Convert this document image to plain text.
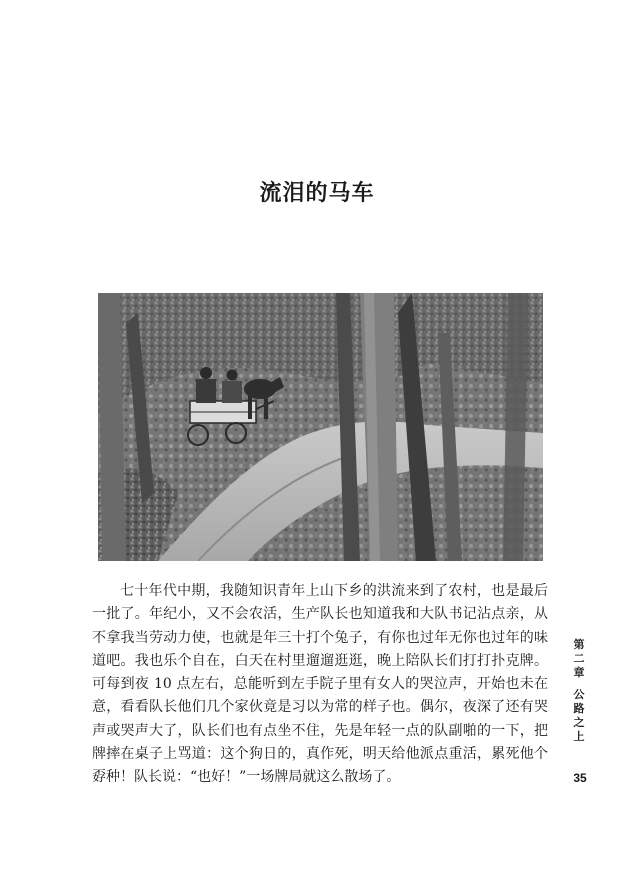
流泪的马车

七十年代中期，我随知识青年上山下乡的洪流来到了农村，也是最后一批了。年纪小，又不会农活，生产队长也知道我和大队书记沾点亲，从不拿我当劳动力使，也就是年三十打个兔子，有你也过年无你也过年的味道吧。我也乐个自在，白天在村里遛遛逛逛，晚上陪队长们打打扑克牌。可每到夜 10 点左右，总能听到左手院子里有女人的哭泣声，开始也未在意，看看队长他们几个家伙竟是习以为常的样子也。偶尔，夜深了还有哭声或哭声大了，队长们也有点坐不住，先是年轻一点的队副啪的一下，把牌摔在桌子上骂道：这个狗日的，真作死，明天给他派点重活，累死他个孬种！队长说：“也好！”一场牌局就这么散场了。

第
二
章
公
路
之
上
35
